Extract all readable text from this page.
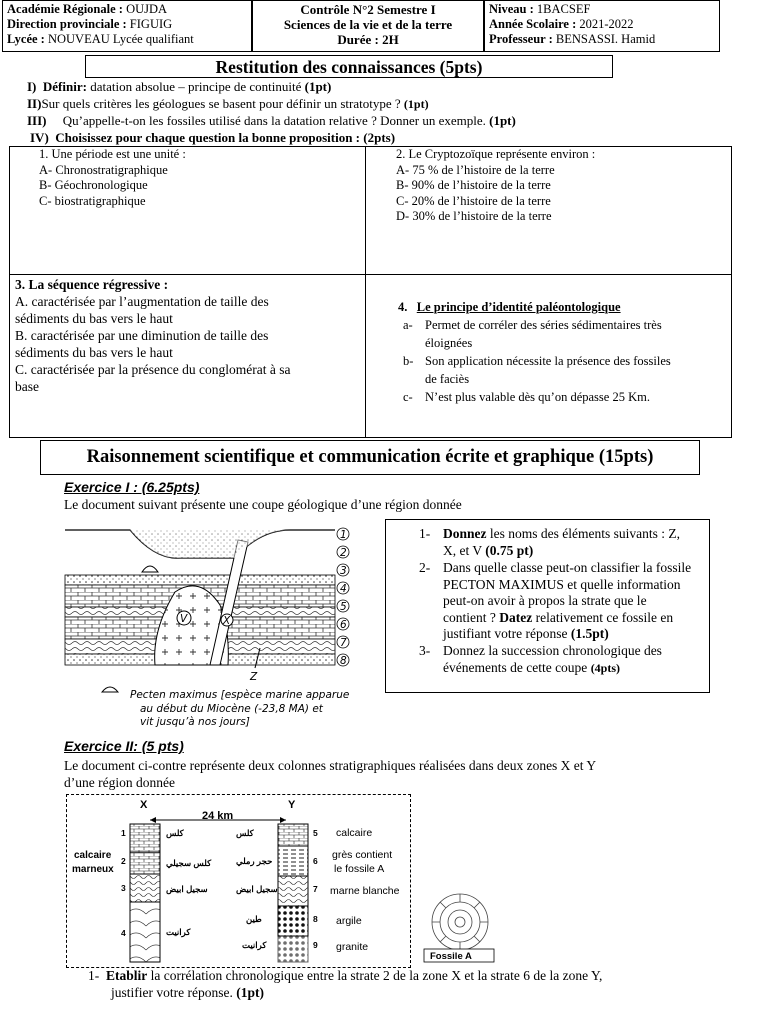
Académie Régionale : OUJDA
Direction provinciale : FIGUIG
Lycée : NOUVEAU Lycée qualifiant
Contrôle N°2 Semestre I
Sciences de la vie et de la terre
Durée : 2H
Niveau : 1BACSEF
Année Scolaire : 2021-2022
Professeur : BENSASSI. Hamid
Restitution des connaissances (5pts)
I) Définir: datation absolue – principe de continuité (1pt)
II)Sur quels critères les géologues se basent pour définir un stratotype ? (1pt)
III) Qu’appelle-t-on les fossiles utilisé dans la datation relative ? Donner un exemple. (1pt)
IV) Choisissez pour chaque question la bonne proposition : (2pts)
1. Une période est une unité :
A- Chronostratigraphique
B- Géochronologique
C- biostratigraphique
2. Le Cryptozoïque représente environ :
A- 75 % de l’histoire de la terre
B- 90% de l’histoire de la terre
C- 20% de l’histoire de la terre
D- 30% de l’histoire de la terre
3. La séquence régressive :
A. caractérisée par l’augmentation de taille des
sédiments du bas vers le haut
B. caractérisée par une diminution de taille des
sédiments du bas vers le haut
C. caractérisée par la présence du conglomérat à sa
base
4. Le principe d’identité paléontologique
a- Permet de corréler des séries sédimentaires très
éloignées
b- Son application nécessite la présence des fossiles
de faciès
c- N’est plus valable dès qu’on dépasse 25 Km.
Raisonnement scientifique et communication écrite et graphique (15pts)
Exercice I : (6.25pts)
Le document suivant présente une coupe géologique d’une région donnée
V	X
Z
1
2
3
4
5
6
7
8
Pecten maximus [espèce marine apparue
au début du Miocène (-23,8 MA) et
vit jusqu’à nos jours]
1- Donnez les noms des éléments suivants : Z,
X, et V (0.75 pt)
2- Dans quelle classe peut-on classifier la fossile
PECTON MAXIMUS et quelle information
peut-on avoir à propos la strate que le
contient ? Datez relativement ce fossile en
justifiant votre réponse (1.5pt)
3- Donnez la succession chronologique des
événements de cette coupe (4pts)
Exercice II: (5 pts)
Le document ci-contre représente deux colonnes stratigraphiques réalisées dans deux zones X et Y
d’une région donnée
X	Y
24 km
1
2
3
4
كلس
كلس سجيلي
سجيل ابيض
كرانيت
calcaire
marneux
5
6
7
8
9
كلس
حجر رملي
سجيل ابيض
طين
كرانيت
calcaire
grès contient
le fossile A
marne blanche
argile
granite
Fossile A
1- Etablir la corrélation chronologique entre la strate 2 de la zone X et la strate 6 de la zone Y,
justifier votre réponse. (1pt)
